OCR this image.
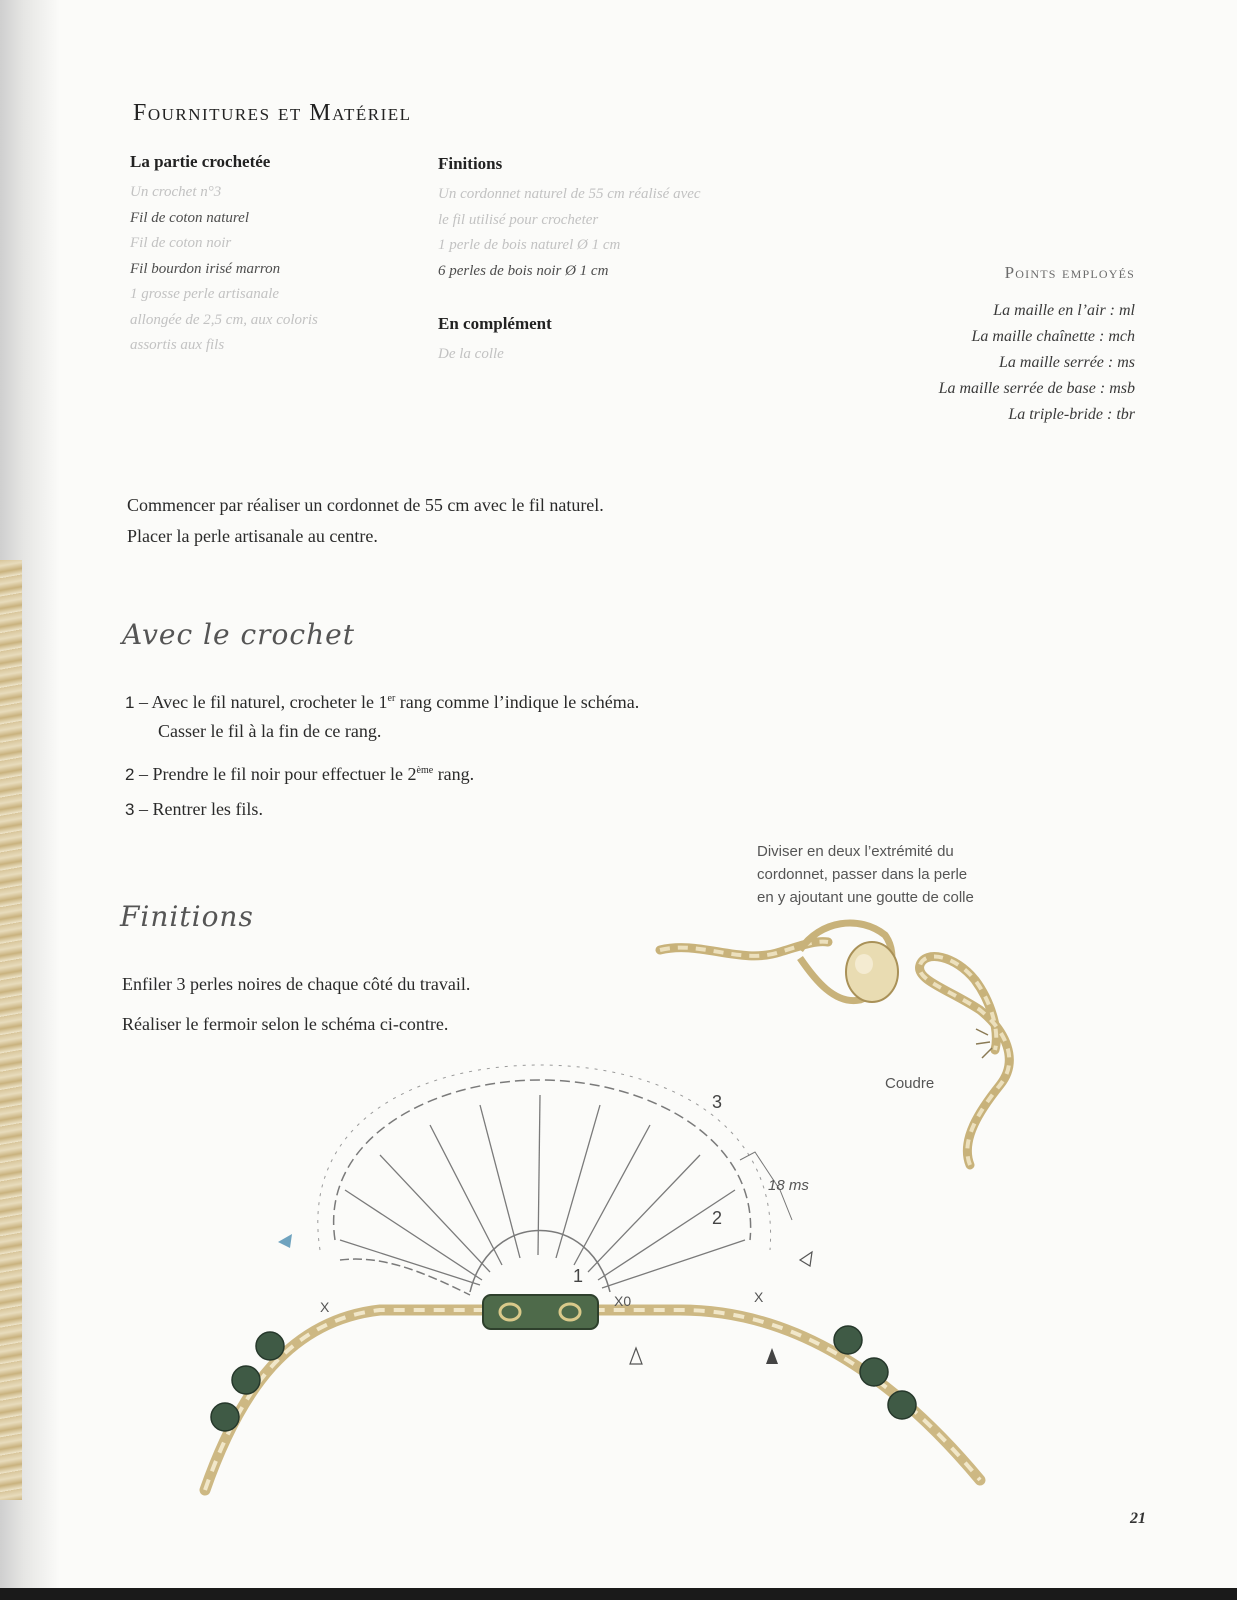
Fournitures et Matériel
La partie crochetée
Un crochet n°3
Fil de coton naturel
Fil de coton noir
Fil bourdon irisé marron
1 grosse perle artisanale
allongée de 2,5 cm, aux coloris
assortis aux fils
Finitions
Un cordonnet naturel de 55 cm réalisé avec
le fil utilisé pour crocheter
1 perle de bois naturel Ø 1 cm
6 perles de bois noir Ø 1 cm
En complément
De la colle
Points employés
La maille en l’air : ml
La maille chaînette : mch
La maille serrée : ms
La maille serrée de base : msb
La triple-bride : tbr
Commencer par réaliser un cordonnet de 55 cm avec le fil naturel.
Placer la perle artisanale au centre.
Avec le crochet
1 – Avec le fil naturel, crocheter le 1er rang comme l’indique le schéma.
Casser le fil à la fin de ce rang.
2 – Prendre le fil noir pour effectuer le 2ème rang.
3 – Rentrer les fils.
Finitions
Enfiler 3 perles noires de chaque côté du travail.
Réaliser le fermoir selon le schéma ci-contre.
Diviser en deux l’extrémité du
cordonnet, passer dans la perle
en y ajoutant une goutte de colle
Coudre
X	X0	X
1
2
3
18 ms
21
